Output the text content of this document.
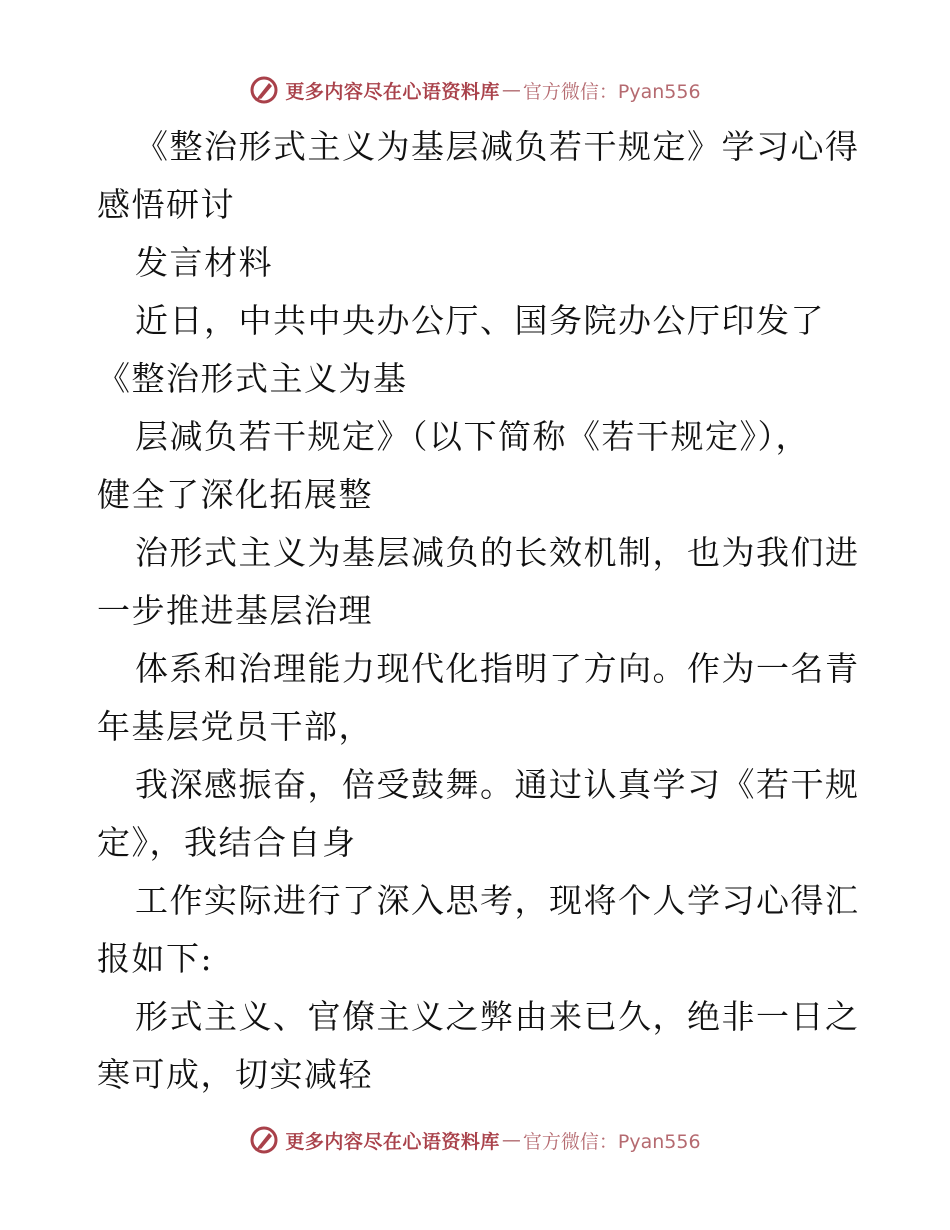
更多内容尽在心语资料库 — 官方微信：Pyan556
《整治形式主义为基层减负若干规定》学习心得
感悟研讨
发言材料
近日，中共中央办公厅、国务院办公厅印发了
《整治形式主义为基
层减负若干规定》（以下简称《若干规定》），
健全了深化拓展整
治形式主义为基层减负的长效机制，也为我们进
一步推进基层治理
体系和治理能力现代化指明了方向。作为一名青
年基层党员干部，
我深感振奋，倍受鼓舞。通过认真学习《若干规
定》，我结合自身
工作实际进行了深入思考，现将个人学习心得汇
报如下:
形式主义、官僚主义之弊由来已久，绝非一日之
寒可成，切实减轻
更多内容尽在心语资料库 — 官方微信：Pyan556
